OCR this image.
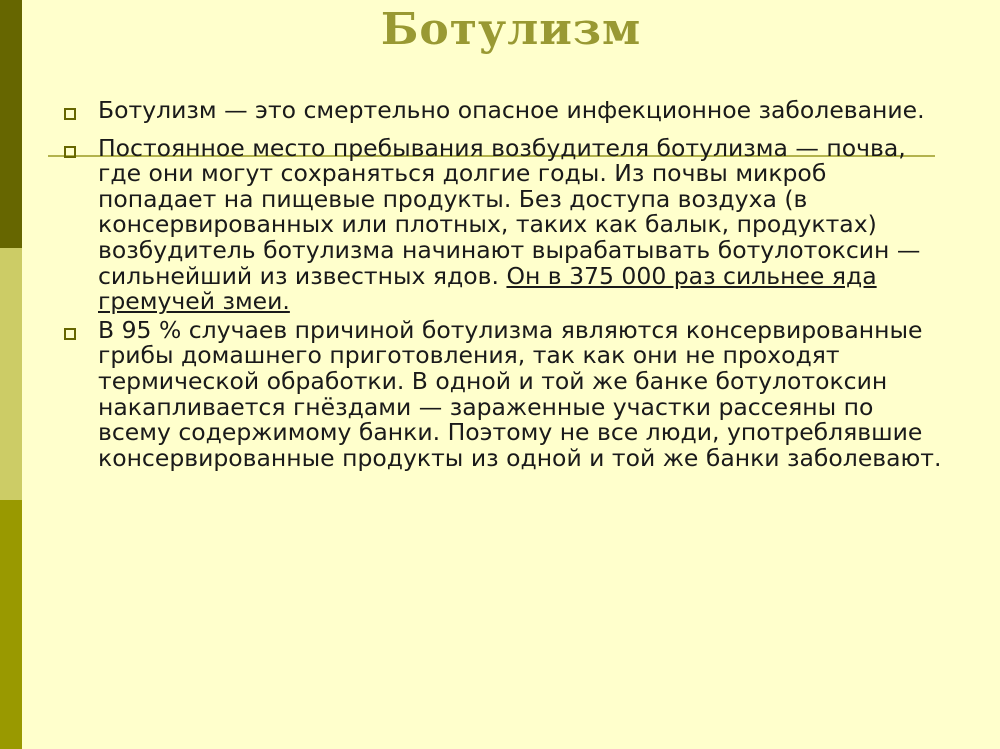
Ботулизм
Ботулизм — это смертельно опасное инфекционное заболевание.
Постоянное место пребывания возбудителя ботулизма — почва, где они могут сохраняться долгие годы. Из почвы микроб попадает на пищевые продукты. Без доступа воздуха (в консервированных или плотных, таких как балык, продуктах) возбудитель ботулизма начинают вырабатывать ботулотоксин — сильнейший из известных ядов. Он в 375 000 раз сильнее яда гремучей змеи.
В 95 % случаев причиной ботулизма являются консервированные грибы домашнего приготовления, так как они не проходят термической обработки. В одной и той же банке ботулотоксин накапливается гнёздами — зараженные участки рассеяны по всему содержимому банки. Поэтому не все люди, употреблявшие консервированные продукты из одной и той же банки заболевают.
